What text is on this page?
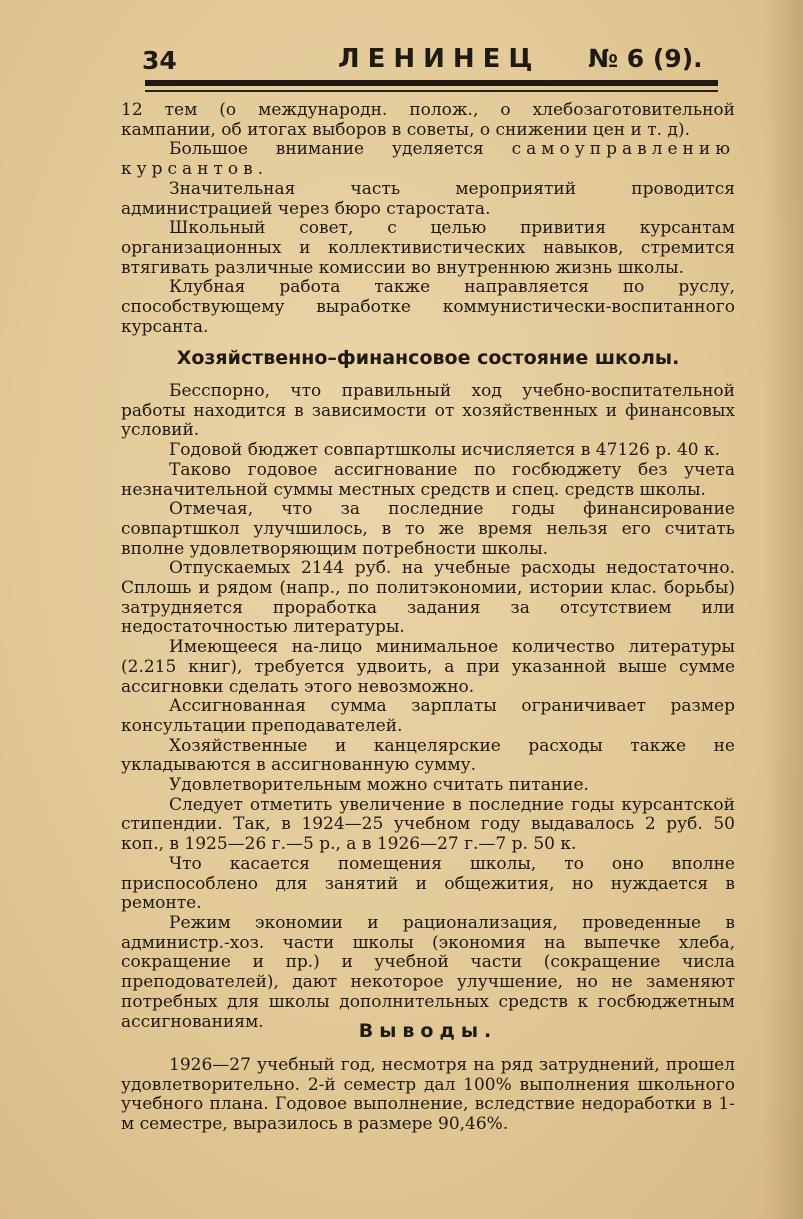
34	ЛЕНИНЕЦ № 6 (9).

12 тем (о международн. полож., о хлебозаготовительной кампании, об итогах выборов в советы, о снижении цен и т. д).

Большое внимание уделяется самоуправлению курсантов.

Значительная часть мероприятий проводится администрацией через бюро старостата.

Школьный совет, с целью привития курсантам организационных и коллективистических навыков, стремится втягивать различные комиссии во внутреннюю жизнь школы.

Клубная работа также направляется по руслу, способствующему выработке коммунистически-воспитанного курсанта.

Хозяйственно–финансовое состояние школы.

Бесспорно, что правильный ход учебно-воспитательной работы находится в зависимости от хозяйственных и финансовых условий.

Годовой бюджет совпартшколы исчисляется в 47126 р. 40 к.

Таково годовое ассигнование по госбюджету без учета незначительной суммы местных средств и спец. средств школы.

Отмечая, что за последние годы финансирование совпартшкол улучшилось, в то же время нельзя его считать вполне удовлетворяющим потребности школы.

Отпускаемых 2144 руб. на учебные расходы недостаточно. Сплошь и рядом (напр., по политэкономии, истории клас. борьбы) затрудняется проработка задания за отсутствием или недостаточностью литературы.

Имеющееся на-лицо минимальное количество литературы (2.215 книг), требуется удвоить, а при указанной выше сумме ассигновки сделать этого невозможно.

Ассигнованная сумма зарплаты ограничивает размер консультации преподавателей.

Хозяйственные и канцелярские расходы также не укладываются в ассигнованную сумму.

Удовлетворительным можно считать питание.

Следует отметить увеличение в последние годы курсантской стипендии. Так, в 1924—25 учебном году выдавалось 2 руб. 50 коп., в 1925—26 г.—5 р., а в 1926—27 г.—7 р. 50 к.

Что касается помещения школы, то оно вполне приспособлено для занятий и общежития, но нуждается в ремонте.

Режим экономии и рационализация, проведенные в администр.-хоз. части школы (экономия на выпечке хлеба, сокращение и пр.) и учебной части (сокращение числа преподователей), дают некоторое улучшение, но не заменяют потребных для школы дополнительных средств к госбюджетным ассигнованиям.	Выводы.

1926—27 учебный год, несмотря на ряд затруднений, прошел удовлетворительно. 2-й семестр дал 100% выполнения школьного учебного плана. Годовое выполнение, вследствие недоработки в 1-м семестре, выразилось в размере 90,46%.
